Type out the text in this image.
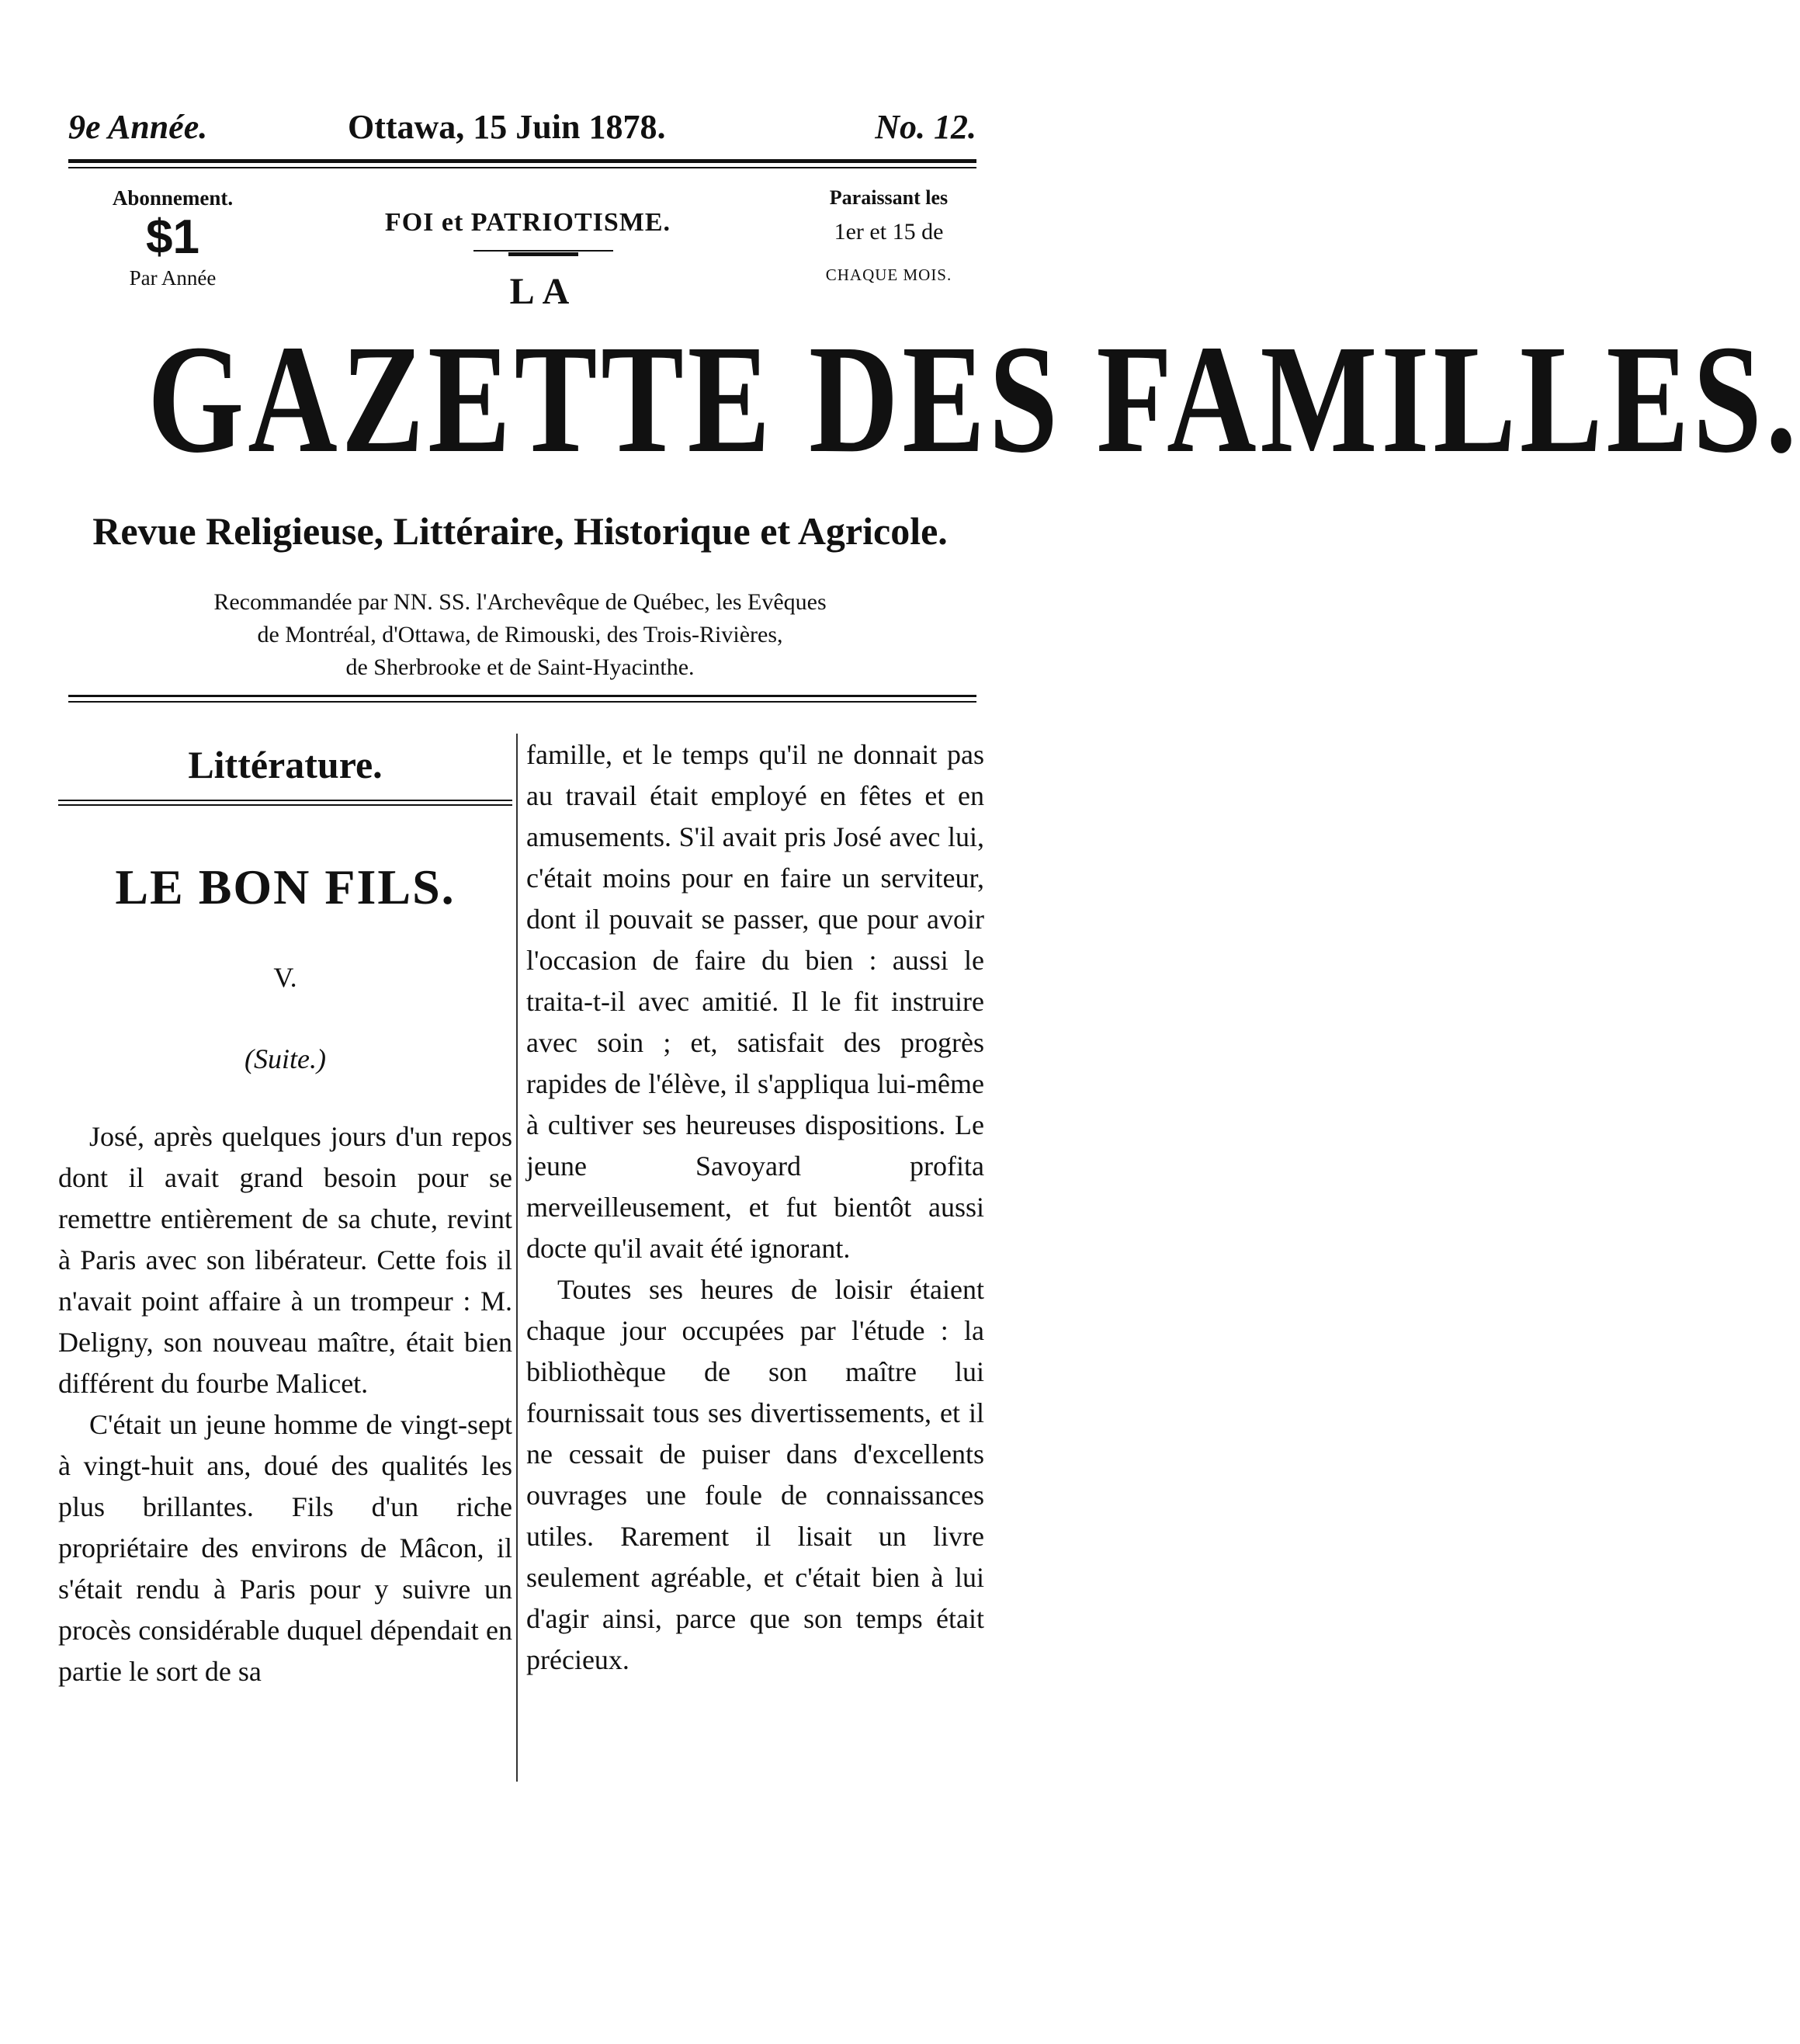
9e Année.	Ottawa, 15 Juin 1878.	No. 12.
Abonnement.
$1
Par Année
FOI et PATRIOTISME.
LA
Paraissant les
1er et 15 de
CHAQUE MOIS.
GAZETTE DES FAMILLES.
Revue Religieuse, Littéraire, Historique et Agricole.
Recommandée par NN. SS. l'Archevêque de Québec, les Evêques
de Montréal, d'Ottawa, de Rimouski, des Trois-Rivières,
de Sherbrooke et de Saint-Hyacinthe.
Littérature.
LE BON FILS.
V.
(Suite.)

José, après quelques jours d'un repos dont il avait grand besoin pour se remettre entièrement de sa chute, revint à Paris avec son libérateur. Cette fois il n'avait point affaire à un trompeur : M. Deligny, son nouveau maître, était bien différent du fourbe Malicet.

C'était un jeune homme de vingt-sept à vingt-huit ans, doué des qualités les plus brillantes. Fils d'un riche propriétaire des environs de Mâcon, il s'était rendu à Paris pour y suivre un procès considérable duquel dépendait en partie le sort de sa

famille, et le temps qu'il ne donnait pas au travail était employé en fêtes et en amusements. S'il avait pris José avec lui, c'était moins pour en faire un serviteur, dont il pouvait se passer, que pour avoir l'occasion de faire du bien : aussi le traita-t-il avec amitié. Il le fit instruire avec soin ; et, satisfait des progrès rapides de l'élève, il s'appliqua lui-même à cultiver ses heureuses dispositions. Le jeune Savoyard profita merveilleusement, et fut bientôt aussi docte qu'il avait été ignorant.

Toutes ses heures de loisir étaient chaque jour occupées par l'étude : la bibliothèque de son maître lui fournissait tous ses divertissements, et il ne cessait de puiser dans d'excellents ouvrages une foule de connaissances utiles. Rarement il lisait un livre seulement agréable, et c'était bien à lui d'agir ainsi, parce que son temps était précieux.
